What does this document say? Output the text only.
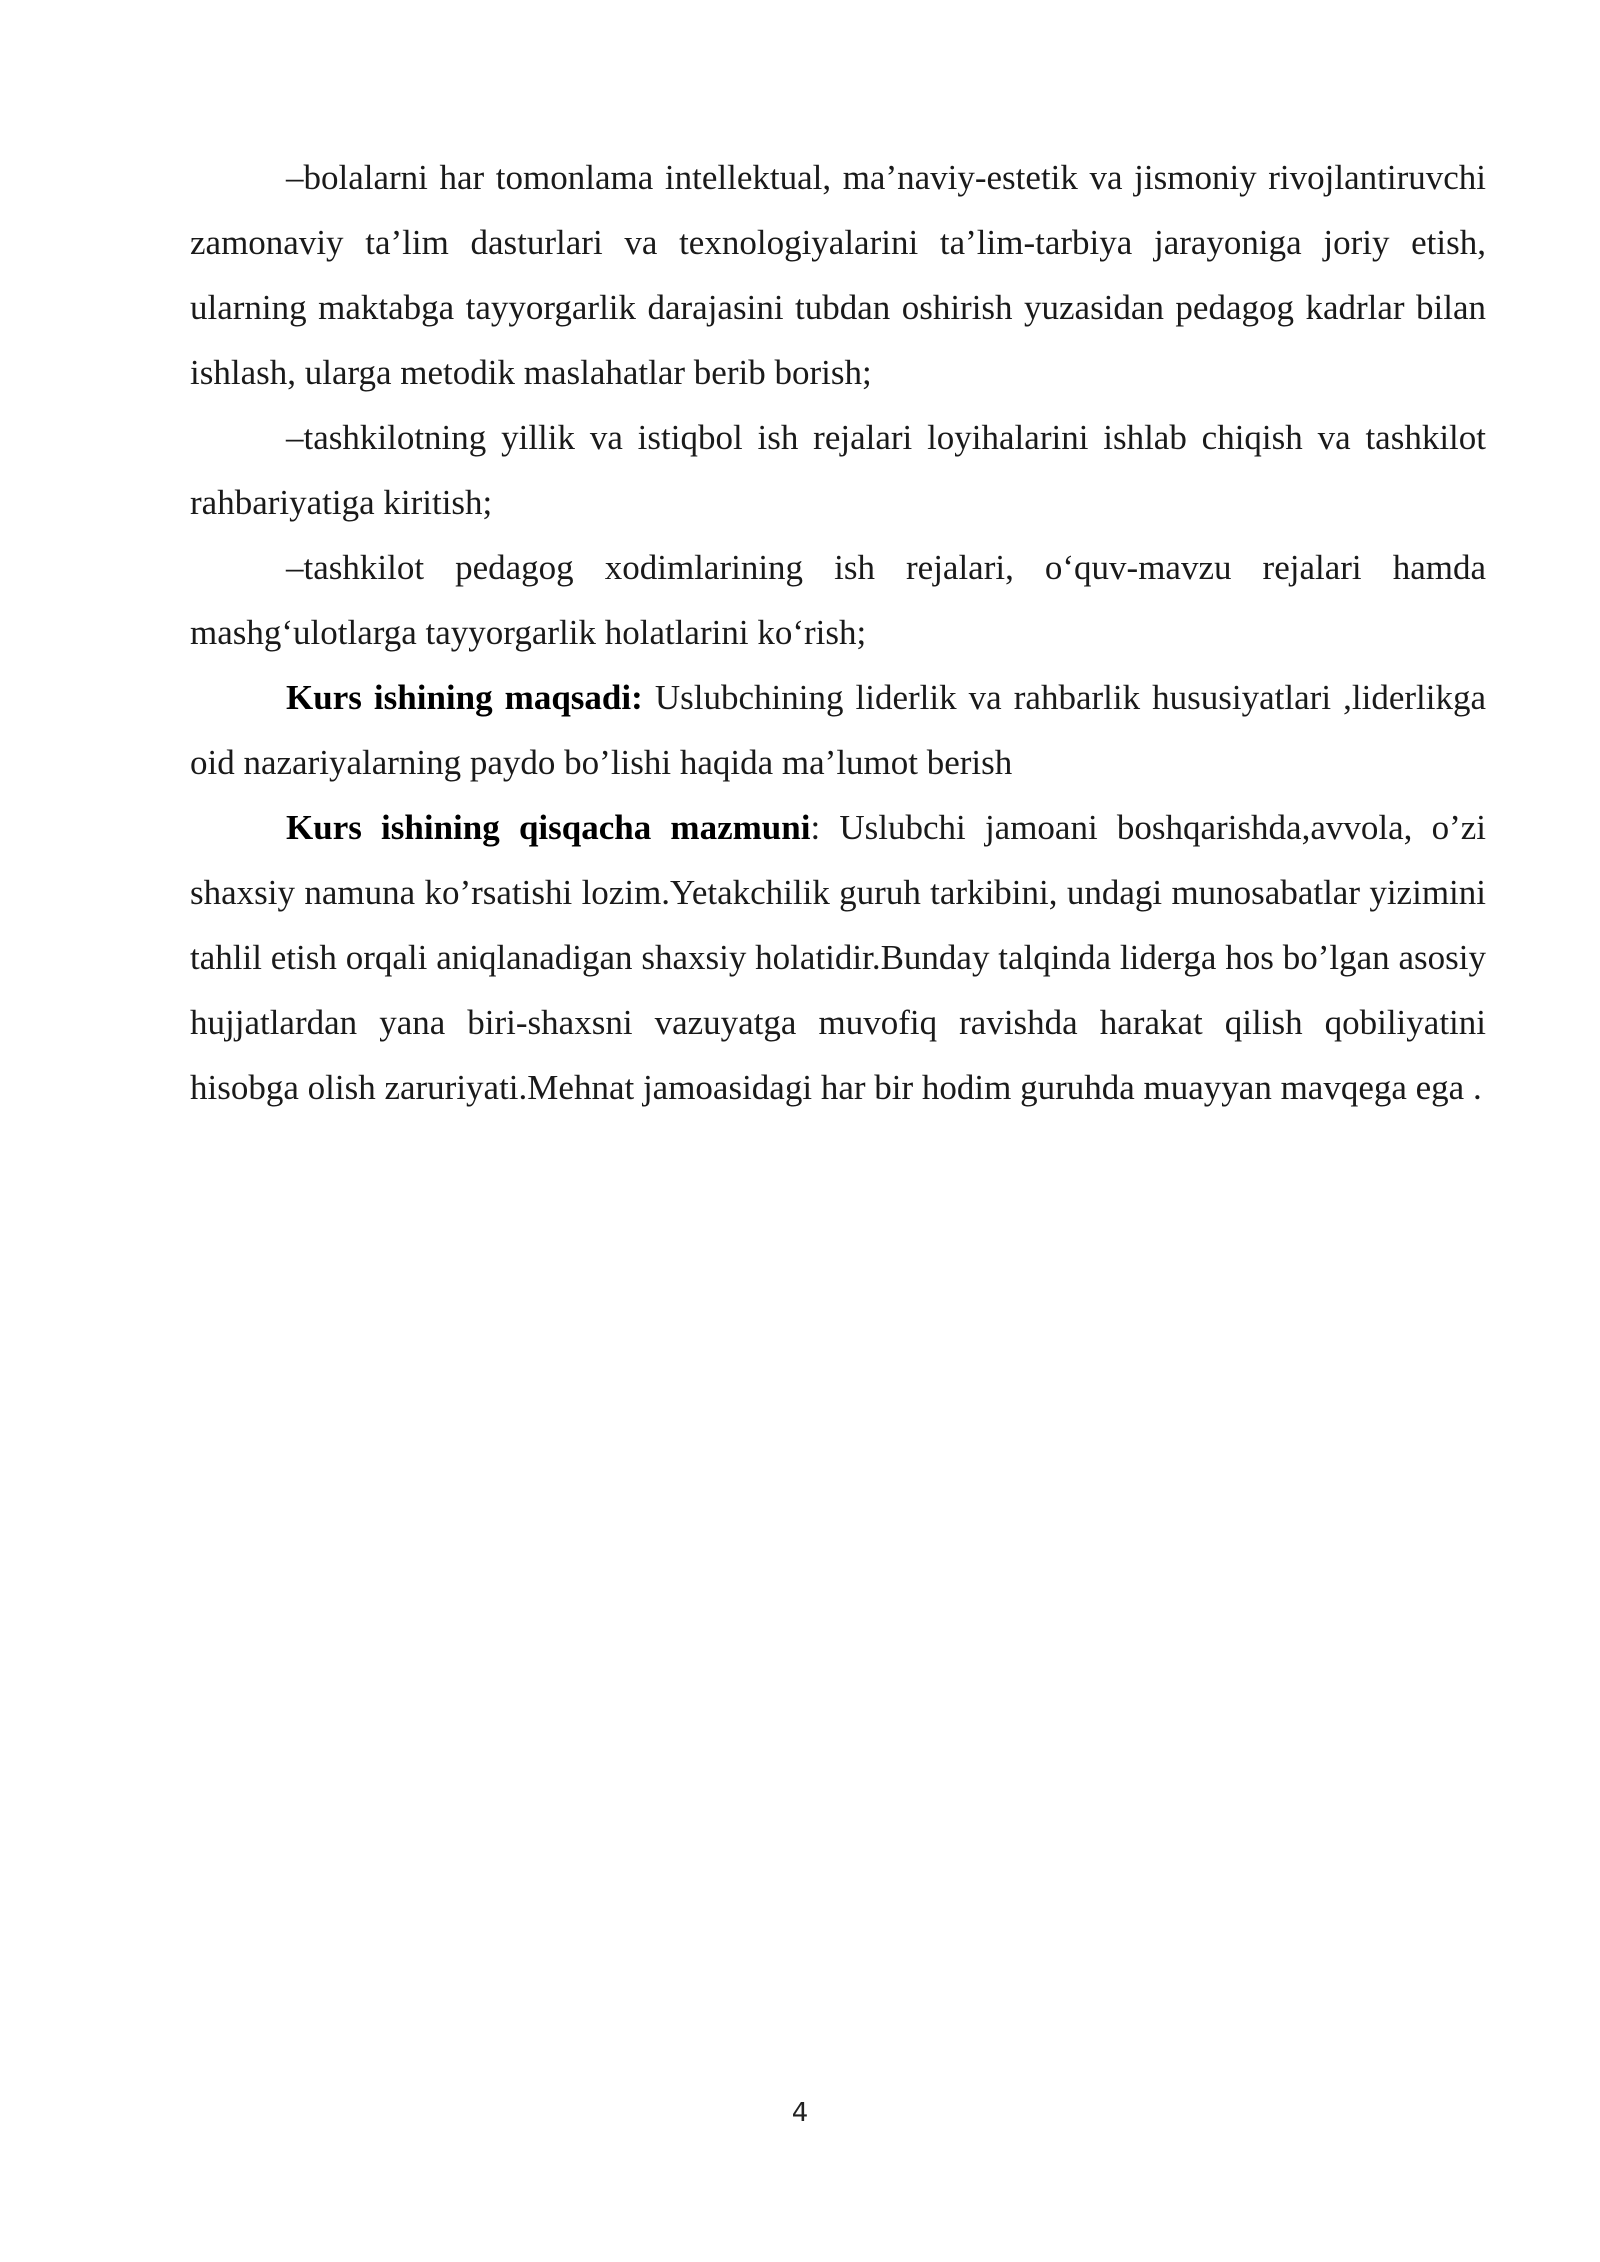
–bolalarni har tomonlama intellektual, ma’naviy-estetik va jismoniy rivojlantiruvchi zamonaviy ta’lim dasturlari va texnologiyalarini ta’lim-tarbiya jarayoniga joriy etish, ularning maktabga tayyorgarlik darajasini tubdan oshirish yuzasidan pedagog kadrlar bilan ishlash, ularga metodik maslahatlar berib borish;

–tashkilotning yillik va istiqbol ish rejalari loyihalarini ishlab chiqish va tashkilot rahbariyatiga kiritish;

–tashkilot pedagog xodimlarining ish rejalari, o‘quv-mavzu rejalari hamda mashg‘ulotlarga tayyorgarlik holatlarini ko‘rish;

Kurs ishining maqsadi: Uslubchining liderlik va rahbarlik hususiyatlari ,liderlikga oid nazariyalarning paydo bo’lishi haqida ma’lumot berish

Kurs ishining qisqacha mazmuni: Uslubchi jamoani boshqarishda,avvola, o’zi shaxsiy namuna ko’rsatishi lozim.Yetakchilik guruh tarkibini, undagi munosabatlar yizimini tahlil etish orqali aniqlanadigan shaxsiy holatidir.Bunday talqinda liderga hos bo’lgan asosiy hujjatlardan yana biri-shaxsni vazuyatga muvofiq ravishda harakat qilish qobiliyatini hisobga olish zaruriyati.Mehnat jamoasidagi har bir hodim guruhda muayyan mavqega ega .

4
